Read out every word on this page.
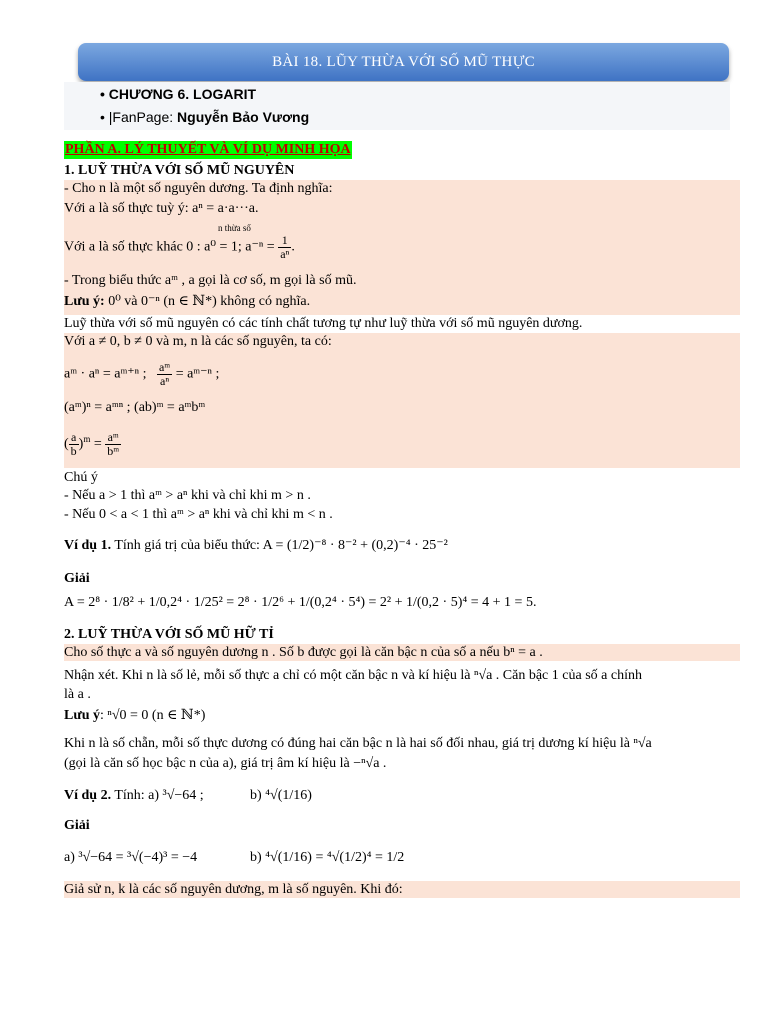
BÀI 18. LŨY THỪA VỚI SỐ MŨ THỰC
• CHƯƠNG 6. LOGARIT
• |FanPage: Nguyễn Bảo Vương
PHẦN A. LÝ THUYẾT VÀ VÍ DỤ MINH HỌA
1. LUỸ THỪA VỚI SỐ MŨ NGUYÊN
- Cho n là một số nguyên dương. Ta định nghĩa:
Với a là số thực tuỳ ý: aⁿ = a·a···a.
n thừa số
Với a là số thực khác 0 : a⁰ = 1; $a^{-n} = \frac{1}{\text{aⁿ}}$ .
- Trong biểu thức aᵐ , a gọi là cơ số, m gọi là số mũ.
Lưu ý: 0⁰ và 0⁻ⁿ (n ∈ ℕ*) không có nghĩa.
Luỹ thừa với số mũ nguyên có các tính chất tương tự như luỹ thừa với số mũ nguyên dương.
Với a ≠ 0, b ≠ 0 và m, n là các số nguyên, ta có:
aᵐ · aⁿ = aᵐ⁺ⁿ ; $\frac{\text{aᵐ}}{\text{aⁿ}}$ = aᵐ⁻ⁿ ;
(aᵐ)ⁿ = aᵐⁿ ; (ab)ᵐ = aᵐbᵐ
( $\frac{a}{b} )^m = \frac{\text{aᵐ}}{\text{bᵐ}}$
Chú ý
- Nếu a > 1 thì aᵐ > aⁿ khi và chỉ khi m > n .
- Nếu 0 < a < 1 thì aᵐ > aⁿ khi và chỉ khi m < n .
Ví dụ 1. Tính giá trị của biểu thức: A = (1/2)⁻⁸ · 8⁻² + (0,2)⁻⁴ · 25⁻²
Giải
A = 2⁸ · 1/8² + 1/0,2⁴ · 1/25² = 2⁸ · 1/2⁶ + 1/(0,2⁴ · 5⁴) = 2² + 1/(0,2 · 5)⁴ = 4 + 1 = 5.
2. LUỸ THỪA VỚI SỐ MŨ HỮ TỈ
Cho số thực a và số nguyên dương n . Số b được gọi là căn bậc n của số a nếu bⁿ = a .
Nhận xét. Khi n là số lẻ, mỗi số thực a chỉ có một căn bậc n và kí hiệu là ⁿ√a . Căn bậc 1 của số a chính
là a .
Lưu ý: ⁿ√0 = 0 (n ∈ ℕ*)
Khi n là số chẵn, mỗi số thực dương có đúng hai căn bậc n là hai số đối nhau, giá trị dương kí hiệu là ⁿ√a
(gọi là căn số học bậc n của a), giá trị âm kí hiệu là −ⁿ√a .
Ví dụ 2. Tính: a) ³√−64 ;	b) ⁴√(1/16)
Giải
a) ³√−64 = ³√(−4)³ = −4	b) ⁴√(1/16) = ⁴√(1/2)⁴ = 1/2
Giả sử n, k là các số nguyên dương, m là số nguyên. Khi đó:
